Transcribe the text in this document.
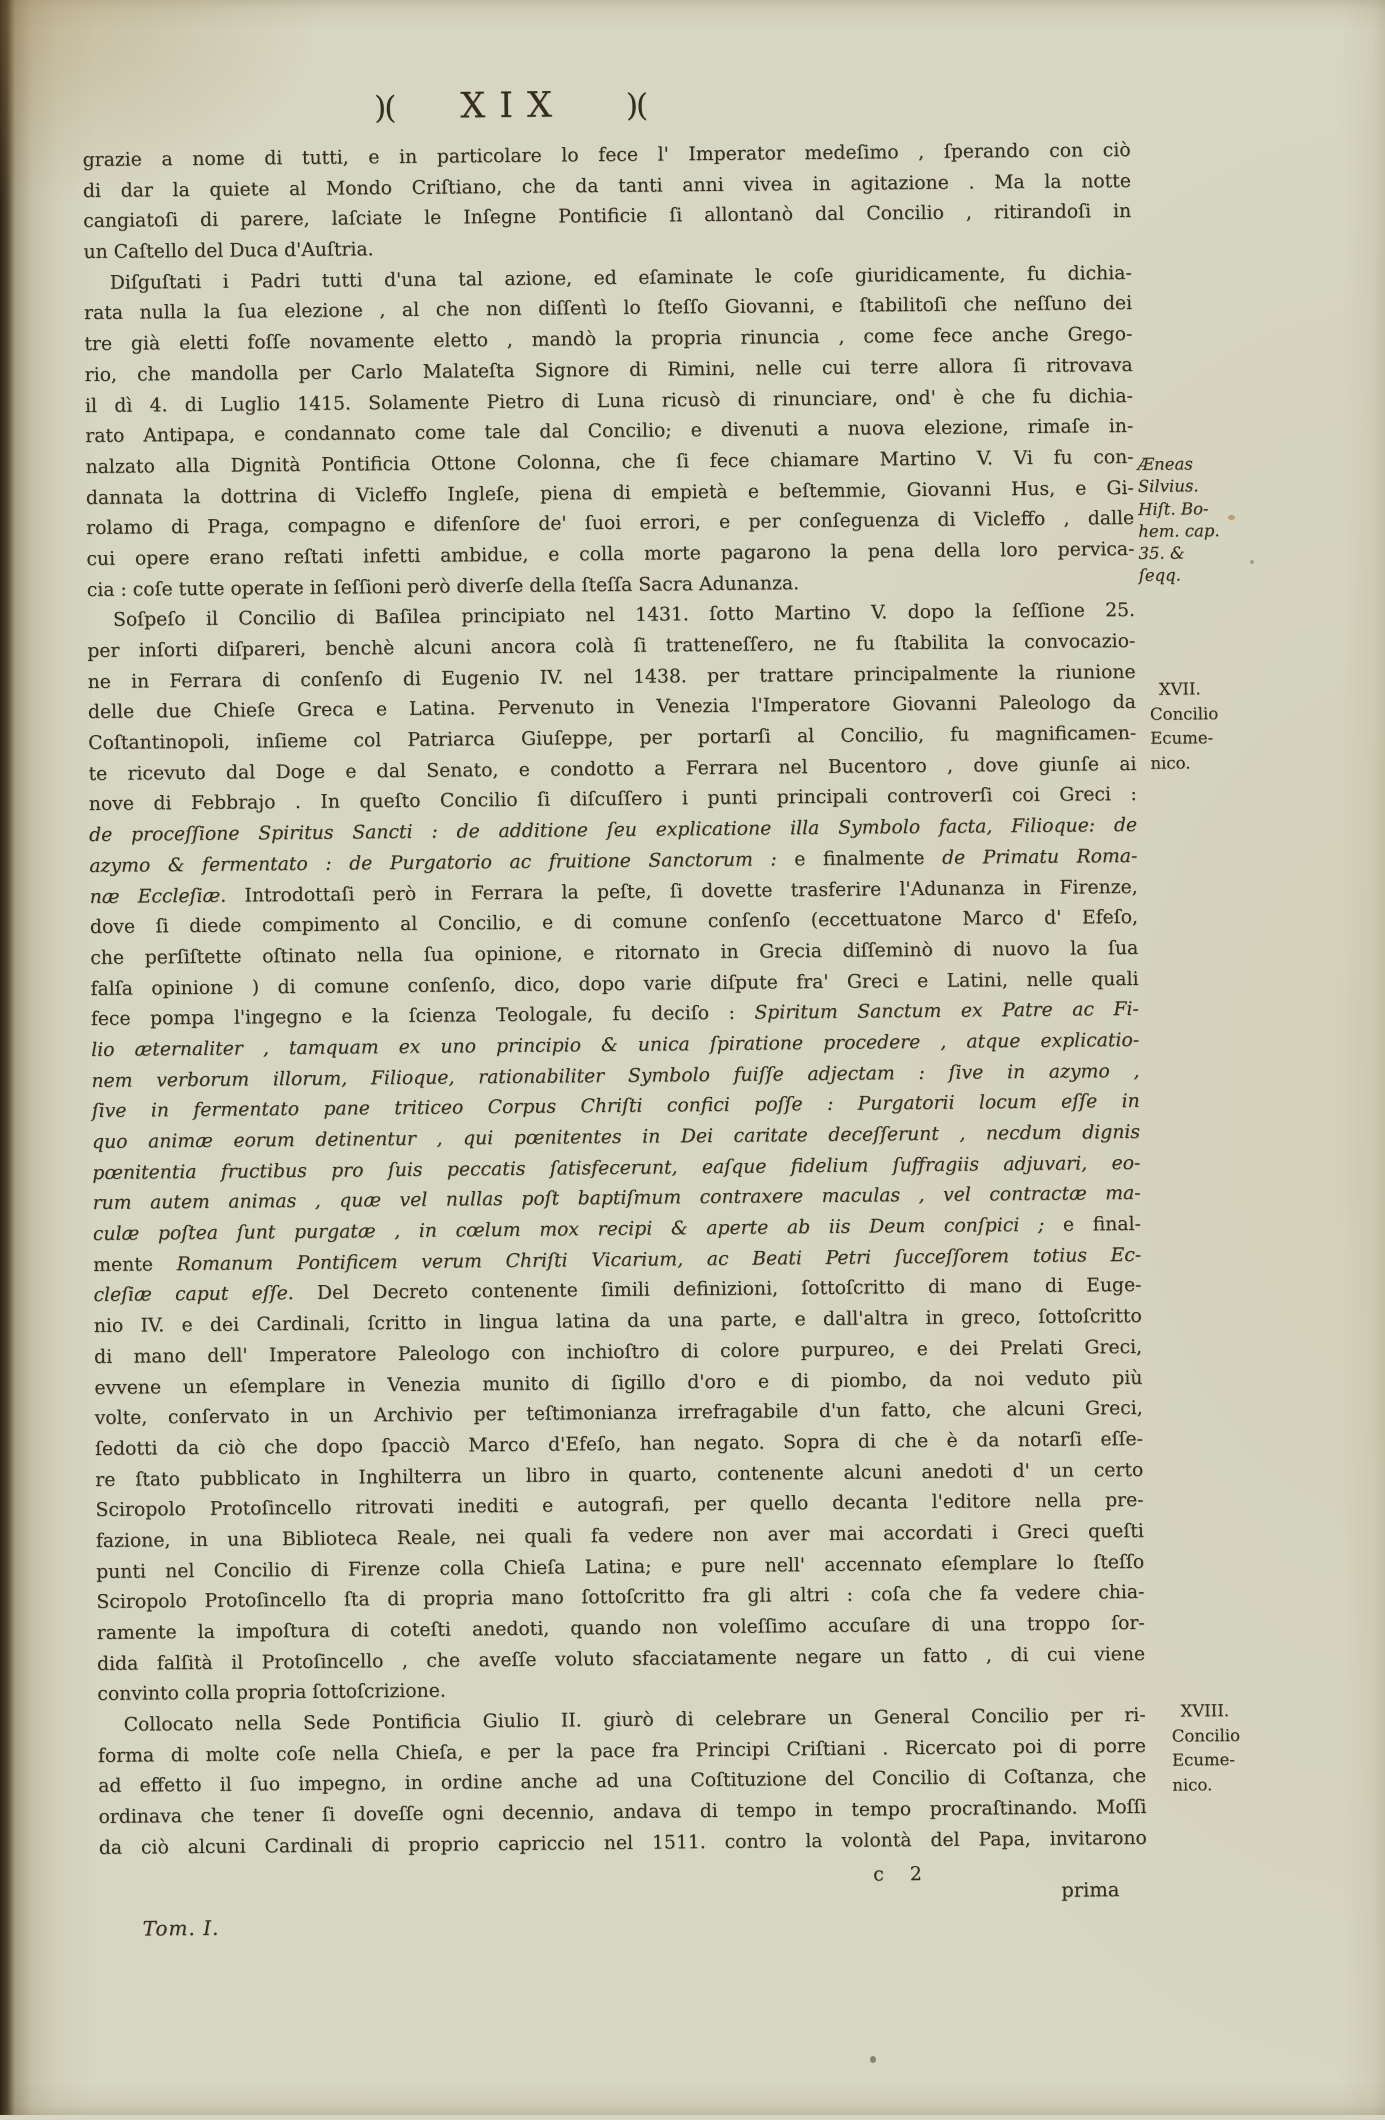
)( XIX )(
grazie a nome di tutti, e in particolare lo fece l' Imperator medeſimo , ſperando con ciò
di dar la quiete al Mondo Criſtiano, che da tanti anni vivea in agitazione . Ma la notte
cangiatoſi di parere, laſciate le Inſegne Pontificie ſi allontanò dal Concilio , ritirandoſi in
un Caſtello del Duca d'Auſtria.
Diſguſtati i Padri tutti d'una tal azione, ed eſaminate le coſe giuridicamente, fu dichia-
rata nulla la ſua elezione , al che non diſſentì lo ſteſſo Giovanni, e ſtabilitoſi che neſſuno dei
tre già eletti foſſe novamente eletto , mandò la propria rinuncia , come fece anche Grego-
rio, che mandolla per Carlo Malateſta Signore di Rimini, nelle cui terre allora ſi ritrovava
il dì 4. di Luglio 1415. Solamente Pietro di Luna ricusò di rinunciare, ond' è che fu dichia-
rato Antipapa, e condannato come tale dal Concilio; e divenuti a nuova elezione, rimaſe in-
nalzato alla Dignità Pontificia Ottone Colonna, che ſi fece chiamare Martino V. Vi fu con-
dannata la dottrina di Vicleffo Ingleſe, piena di empietà e beſtemmie, Giovanni Hus, e Gi-
rolamo di Praga, compagno e difenſore de' ſuoi errori, e per conſeguenza di Vicleffo , dalle
cui opere erano reſtati infetti ambidue, e colla morte pagarono la pena della loro pervica-
cia : coſe tutte operate in ſeſſioni però diverſe della ſteſſa Sacra Adunanza.
Soſpeſo il Concilio di Baſilea principiato nel 1431. ſotto Martino V. dopo la ſeſſione 25.
per inſorti diſpareri, benchè alcuni ancora colà ſi tratteneſſero, ne fu ſtabilita la convocazio-
ne in Ferrara di conſenſo di Eugenio IV. nel 1438. per trattare principalmente la riunione
delle due Chieſe Greca e Latina. Pervenuto in Venezia l'Imperatore Giovanni Paleologo da
Coſtantinopoli, inſieme col Patriarca Giuſeppe, per portarſi al Concilio, fu magnificamen-
te ricevuto dal Doge e dal Senato, e condotto a Ferrara nel Bucentoro , dove giunſe ai
nove di Febbrajo . In queſto Concilio ſi diſcuſſero i punti principali controverſi coi Greci :
de proceſſione Spiritus Sancti : de additione ſeu explicatione illa Symbolo facta, Filioque: de
azymo & fermentato : de Purgatorio ac fruitione Sanctorum : e finalmente de Primatu Roma-
næ Eccleſiæ. Introdottaſi però in Ferrara la peſte, ſi dovette trasferire l'Adunanza in Firenze,
dove ſi diede compimento al Concilio, e di comune conſenſo (eccettuatone Marco d' Efeſo,
che perſiſtette oſtinato nella ſua opinione, e ritornato in Grecia diſſeminò di nuovo la ſua
falſa opinione ) di comune conſenſo, dico, dopo varie diſpute fra' Greci e Latini, nelle quali
fece pompa l'ingegno e la ſcienza Teologale, fu deciſo : Spiritum Sanctum ex Patre ac Fi-
lio æternaliter , tamquam ex uno principio & unica ſpiratione procedere , atque explicatio-
nem verborum illorum, Filioque, rationabiliter Symbolo fuiſſe adjectam : ſive in azymo ,
ſive in fermentato pane triticeo Corpus Chriſti confici poſſe : Purgatorii locum eſſe in
quo animæ eorum detinentur , qui pœnitentes in Dei caritate deceſſerunt , necdum dignis
pœnitentia fructibus pro ſuis peccatis ſatisfecerunt, eaſque fidelium ſuffragiis adjuvari, eo-
rum autem animas , quæ vel nullas poſt baptiſmum contraxere maculas , vel contractæ ma-
culæ poſtea ſunt purgatæ , in cœlum mox recipi & aperte ab iis Deum conſpici ; e final-
mente Romanum Pontificem verum Chriſti Vicarium, ac Beati Petri ſucceſſorem totius Ec-
cleſiæ caput eſſe. Del Decreto contenente ſimili definizioni, ſottoſcritto di mano di Euge-
nio IV. e dei Cardinali, ſcritto in lingua latina da una parte, e dall'altra in greco, ſottoſcritto
di mano dell' Imperatore Paleologo con inchioſtro di colore purpureo, e dei Prelati Greci,
evvene un eſemplare in Venezia munito di ſigillo d'oro e di piombo, da noi veduto più
volte, conſervato in un Archivio per teſtimonianza irrefragabile d'un fatto, che alcuni Greci,
ſedotti da ciò che dopo ſpacciò Marco d'Efeſo, han negato. Sopra di che è da notarſi eſſe-
re ſtato pubblicato in Inghilterra un libro in quarto, contenente alcuni anedoti d' un certo
Sciropolo Protoſincello ritrovati inediti e autografi, per quello decanta l'editore nella pre-
fazione, in una Biblioteca Reale, nei quali fa vedere non aver mai accordati i Greci queſti
punti nel Concilio di Firenze colla Chieſa Latina; e pure nell' accennato eſemplare lo ſteſſo
Sciropolo Protoſincello ſta di propria mano ſottoſcritto fra gli altri : coſa che fa vedere chia-
ramente la impoſtura di coteſti anedoti, quando non voleſſimo accuſare di una troppo ſor-
dida falſità il Protoſincello , che aveſſe voluto sfacciatamente negare un fatto , di cui viene
convinto colla propria ſottoſcrizione.
Collocato nella Sede Pontificia Giulio II. giurò di celebrare un General Concilio per ri-
forma di molte coſe nella Chieſa, e per la pace fra Principi Criſtiani . Ricercato poi di porre
ad effetto il ſuo impegno, in ordine anche ad una Coſtituzione del Concilio di Coſtanza, che
ordinava che tener ſi doveſſe ogni decennio, andava di tempo in tempo procraſtinando. Moſſi
da ciò alcuni Cardinali di proprio capriccio nel 1511. contro la volontà del Papa, invitarono
Æneas
Silvius.
Hiſt. Bo-
hem. cap.
35. &
ſeqq.
XVII.
Concilio
Ecume-
nico.
XVIII.
Concilio
Ecume-
nico.
c 2
prima
Tom. I.
